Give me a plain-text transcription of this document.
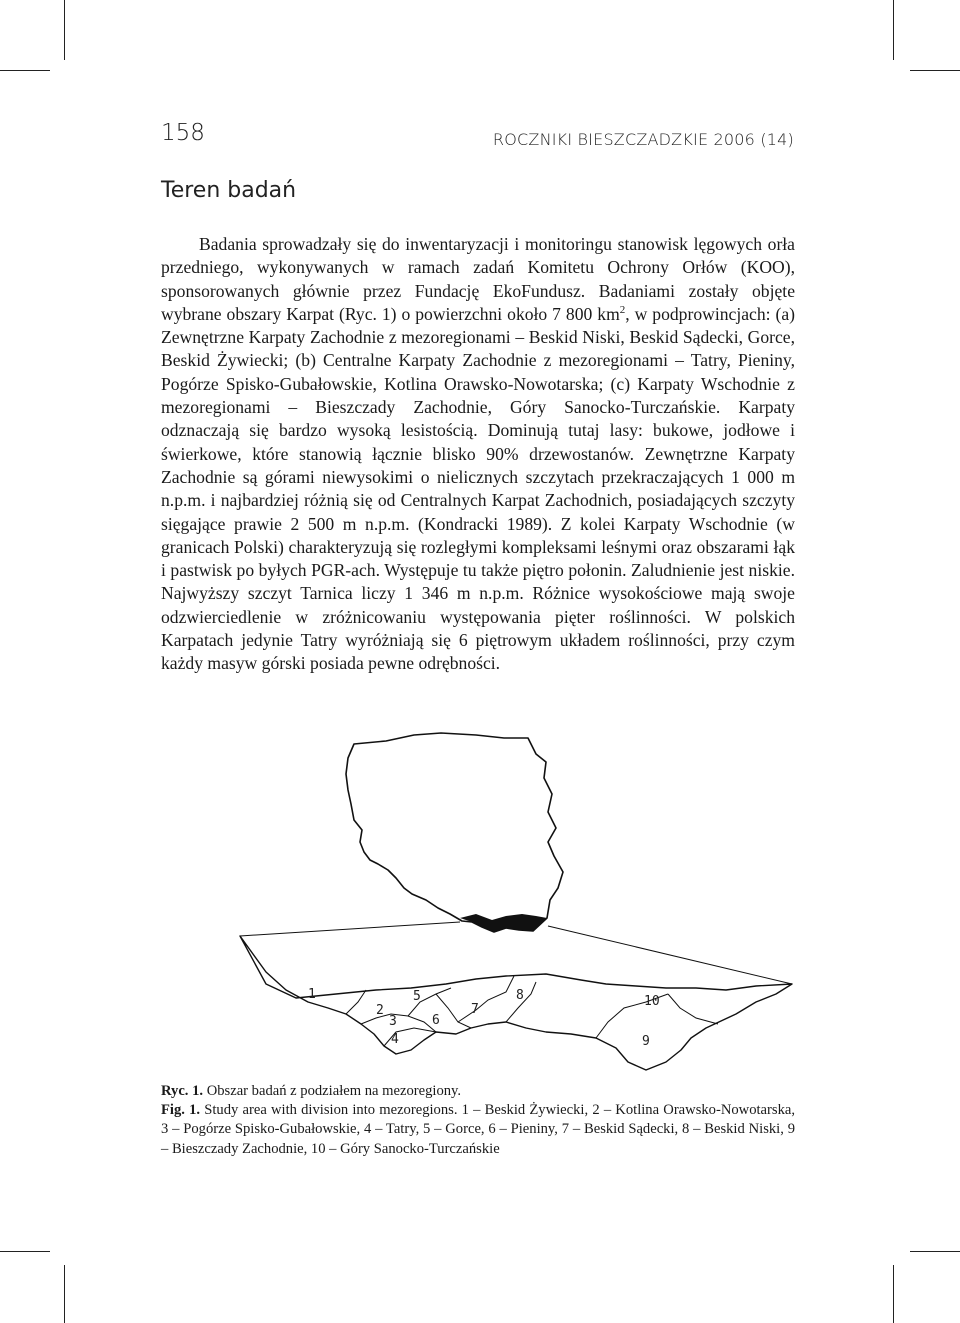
158	ROCZNIKI BIESZCZADZKIE 2006 (14)
Teren badań
Badania sprowadzały się do inwentaryzacji i monitoringu stanowisk lęgowych orła przedniego, wykonywanych w ramach zadań Komitetu Ochrony Orłów (KOO), sponsorowanych głównie przez Fundację EkoFundusz. Badaniami zostały objęte wybrane obszary Karpat (Ryc. 1) o powierzchni około 7 800 $km^2$, w podprowincjach: (a) Zewnętrzne Karpaty Zachodnie z mezoregionami – Beskid Niski, Beskid Sądecki, Gorce, Beskid Żywiecki; (b) Centralne Karpaty Zachodnie z mezoregionami – Tatry, Pieniny, Pogórze Spisko-Gubałowskie, Kotlina Orawsko-Nowotarska; (c) Karpaty Wschodnie z mezoregionami – Bieszczady Zachodnie, Góry Sanocko-Turczańskie. Karpaty odznaczają się bardzo wysoką lesistością. Dominują tutaj lasy: bukowe, jodłowe i świerkowe, które stanowią łącznie blisko 90% drzewostanów. Zewnętrzne Karpaty Zachodnie są górami niewysokimi o nielicznych szczytach przekraczających 1 000 m n.p.m. i najbardziej różnią się od Centralnych Karpat Zachodnich, posiadających szczyty sięgające prawie 2 500 m n.p.m. (Kondracki 1989). Z kolei Karpaty Wschodnie (w granicach Polski) charakteryzują się rozległymi kompleksami leśnymi oraz obszarami łąk i pastwisk po byłych PGR-ach. Występuje tu także piętro połonin. Zaludnienie jest niskie. Najwyższy szczyt Tarnica liczy 1 346 m n.p.m. Różnice wysokościowe mają swoje odzwierciedlenie w zróżnicowaniu występowania pięter roślinności. W polskich Karpatach jedynie Tatry wyróżniają się 6 piętrowym układem roślinności, przy czym każdy masyw górski posiada pewne odrębności.
1
2
3
4
5
6
7
8
9
10
Ryc. 1. Obszar badań z podziałem na mezoregiony.
Fig. 1. Study area with division into mezoregions. 1 – Beskid Żywiecki, 2 – Kotlina Orawsko-Nowotarska, 3 – Pogórze Spisko-Gubałowskie, 4 – Tatry, 5 – Gorce, 6 – Pieniny, 7 – Beskid Sądecki, 8 – Beskid Niski, 9 – Bieszczady Zachodnie, 10 – Góry Sanocko-Turczańskie
